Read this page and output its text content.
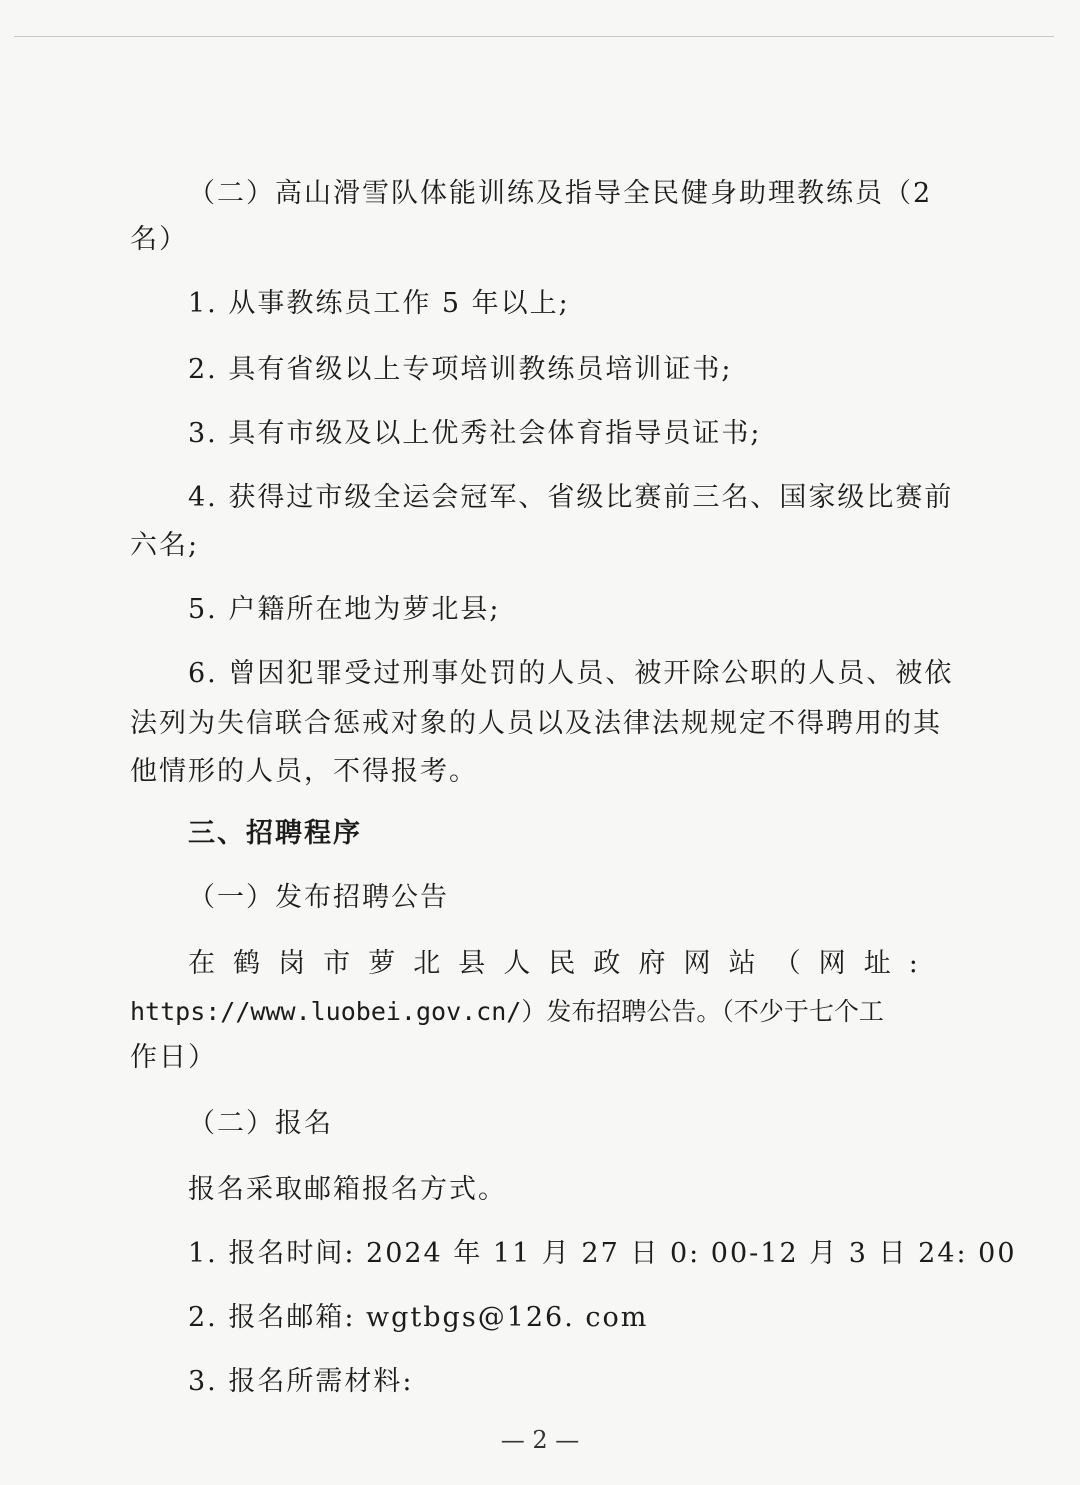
（二）高山滑雪队体能训练及指导全民健身助理教练员（2
名）
1. 从事教练员工作 5 年以上;
2. 具有省级以上专项培训教练员培训证书;
3. 具有市级及以上优秀社会体育指导员证书;
4. 获得过市级全运会冠军、省级比赛前三名、国家级比赛前
六名;
5. 户籍所在地为萝北县;
6. 曾因犯罪受过刑事处罚的人员、被开除公职的人员、被依
法列为失信联合惩戒对象的人员以及法律法规规定不得聘用的其
他情形的人员，不得报考。
三、招聘程序
（一）发布招聘公告
在 鹤 岗 市 萝 北 县 人 民 政 府 网 站 （ 网 址 :
https://www.luobei.gov.cn/）发布招聘公告。（不少于七个工
作日）
（二）报名
报名采取邮箱报名方式。
1. 报名时间: 2024 年 11 月 27 日 0: 00-12 月 3 日 24: 00
2. 报名邮箱: wgtbgs@126. com
3. 报名所需材料:
— 2 —
